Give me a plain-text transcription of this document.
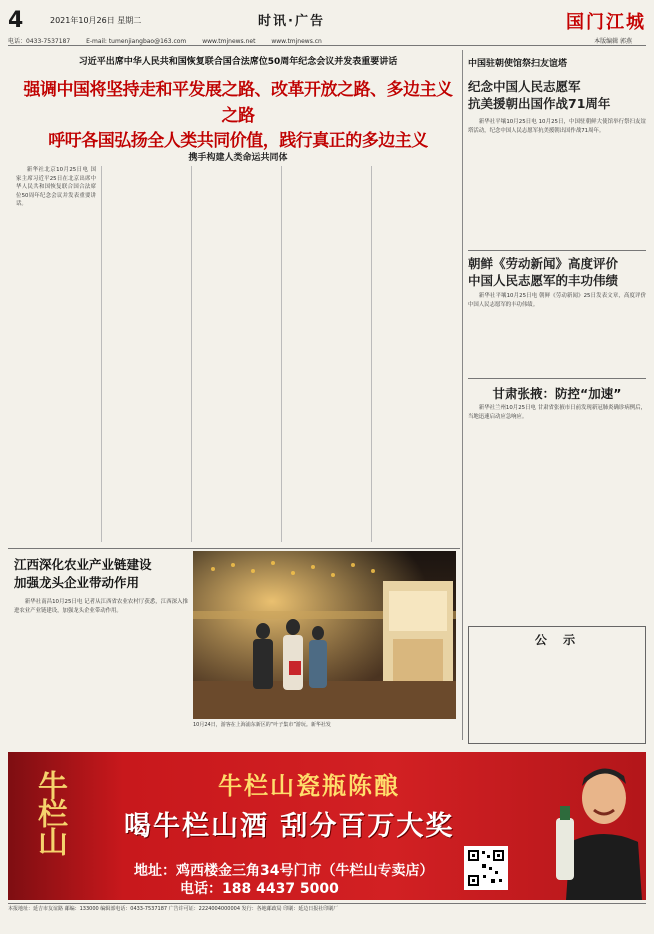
4	2021年10月26日 星期二	时讯·广告	国门江城
电话：0433-7537187	E-mail: tumenjiangbao@163.com	www.tmjnews.net	www.tmjnews.cn	本版编辑 郭燕
习近平出席中华人民共和国恢复联合国合法席位50周年纪念会议并发表重要讲话
强调中国将坚持走和平发展之路、改革开放之路、多边主义之路
呼吁各国弘扬全人类共同价值，践行真正的多边主义
携手构建人类命运共同体

新华社北京10月25日电 国家主席习近平25日在北京出席中华人民共和国恢复联合国合法席位50周年纪念会议并发表重要讲话。

中国驻朝使馆祭扫友谊塔
纪念中国人民志愿军
抗美援朝出国作战71周年

新华社平壤10月25日电 10月25日，中国驻朝鲜大使馆举行祭扫友谊塔活动，纪念中国人民志愿军抗美援朝出国作战71周年。

朝鲜《劳动新闻》高度评价
中国人民志愿军的丰功伟绩

新华社平壤10月25日电 朝鲜《劳动新闻》25日发表文章，高度评价中国人民志愿军的丰功伟绩。

甘肃张掖：防控“加速”

新华社兰州10月25日电 甘肃省张掖市日前发现新冠肺炎确诊病例后，当地迅速启动应急响应。

江西深化农业产业链建设
加强龙头企业带动作用

新华社南昌10月25日电 记者从江西省农业农村厅获悉，江西深入推进农业产业链建设，加强龙头企业带动作用。

10月24日，游客在上海浦东新区的“叶子集市”游玩。新华社发
公 示
牛栏山	牛栏山瓷瓶陈酿
喝牛栏山酒 刮分百万大奖
地址：鸡西楼金三角34号门市（牛栏山专卖店）
电话：188 4437 5000
本报地址：延吉市友谊路 邮编：133000 编辑部电话：0433-7537187 广告许可证：2224004000004 发行：各地邮政局 印刷：延边日报社印刷厂
